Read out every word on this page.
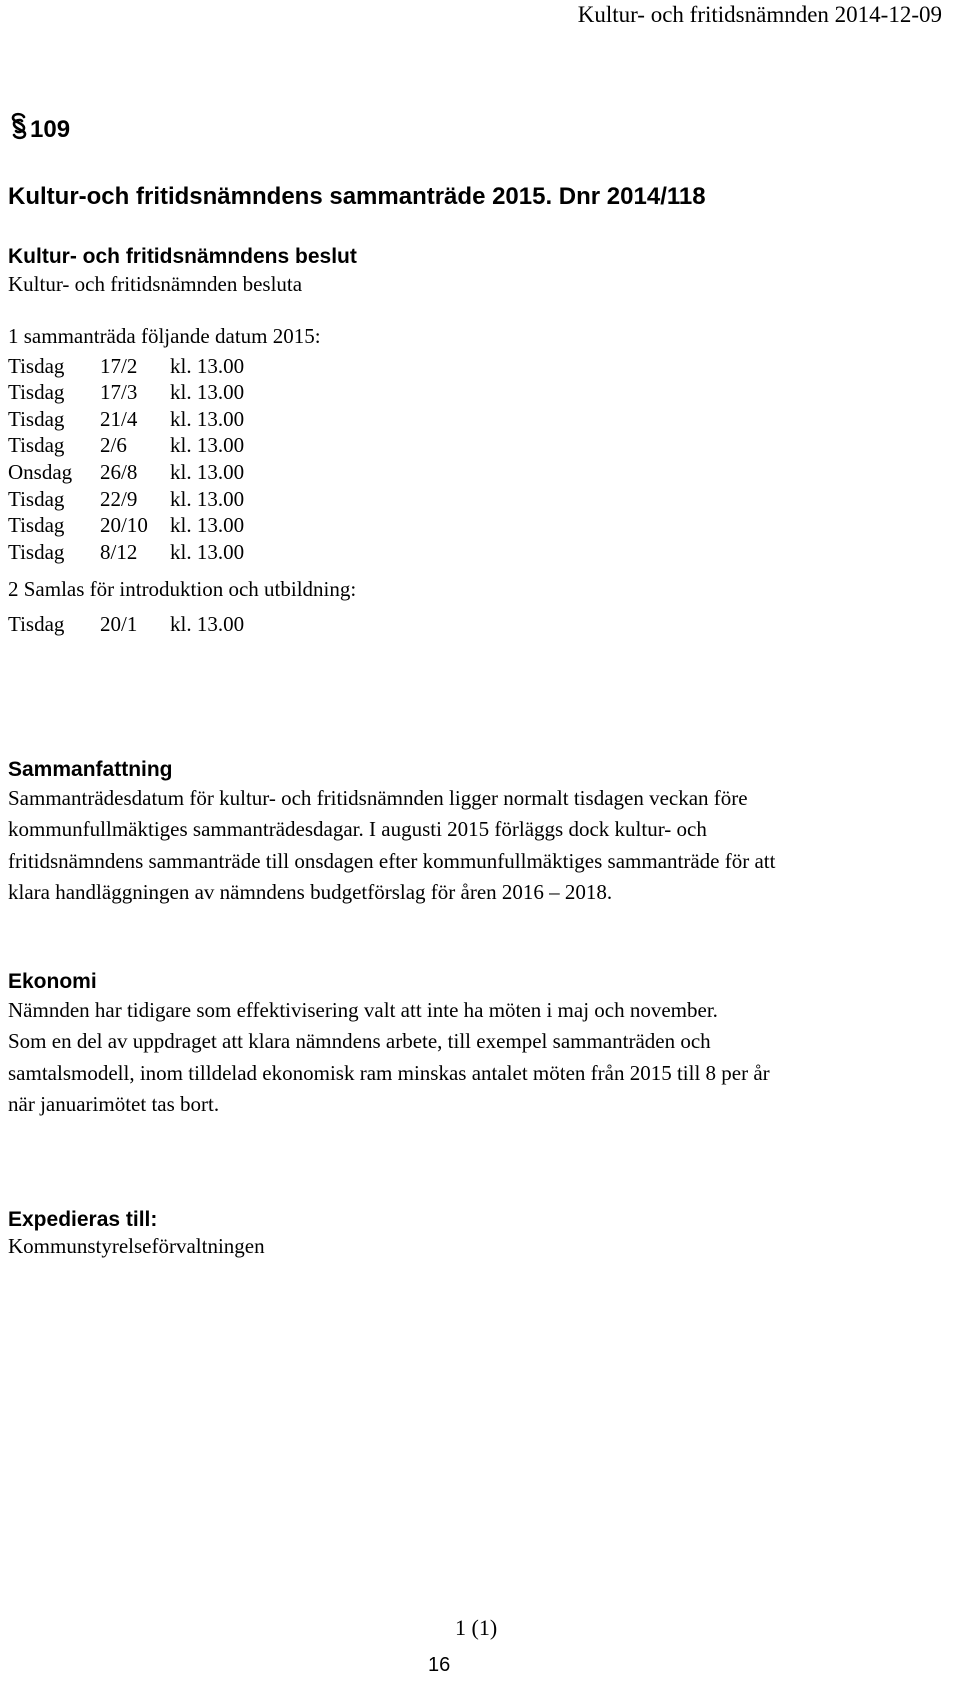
Kultur- och fritidsnämnden 2014-12-09
109
Kultur-och fritidsnämndens sammanträde 2015. Dnr 2014/118
Kultur- och fritidsnämndens beslut
Kultur- och fritidsnämnden besluta
1 sammanträda följande datum 2015:
Tisdag 17/2 kl. 13.00
Tisdag 17/3 kl. 13.00
Tisdag 21/4 kl. 13.00
Tisdag 2/6 kl. 13.00
Onsdag 26/8 kl. 13.00
Tisdag 22/9 kl. 13.00
Tisdag 20/10 kl. 13.00
Tisdag 8/12 kl. 13.00
2 Samlas för introduktion och utbildning:
Tisdag 20/1 kl. 13.00
Sammanfattning

Sammanträdesdatum för kultur- och fritidsnämnden ligger normalt tisdagen veckan före
kommunfullmäktiges sammanträdesdagar. I augusti 2015 förläggs dock kultur- och
fritidsnämndens sammanträde till onsdagen efter kommunfullmäktiges sammanträde för att
klara handläggningen av nämndens budgetförslag för åren 2016 – 2018.

Ekonomi

Nämnden har tidigare som effektivisering valt att inte ha möten i maj och november.
Som en del av uppdraget att klara nämndens arbete, till exempel sammanträden och
samtalsmodell, inom tilldelad ekonomisk ram minskas antalet möten från 2015 till 8 per år
när januarimötet tas bort.

Expedieras till:
Kommunstyrelseförvaltningen
1 (1)
16
